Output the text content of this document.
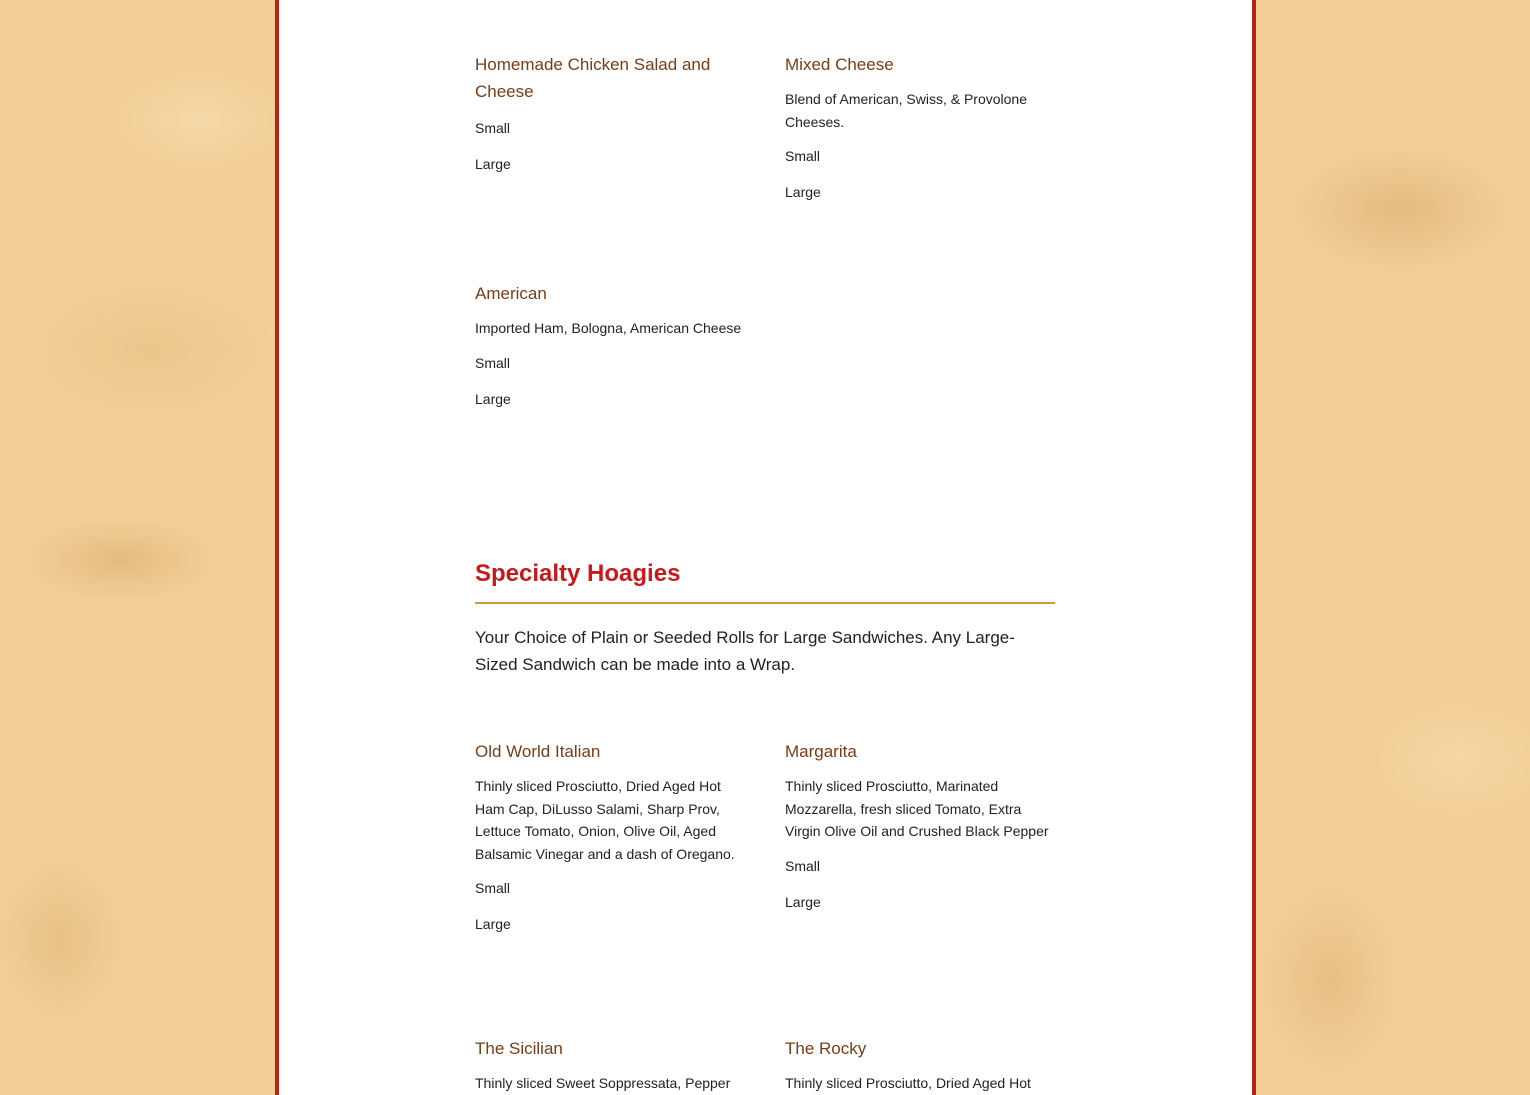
Homemade Chicken Salad and Cheese

Small

Large

Mixed Cheese

Blend of American, Swiss, & Provolone Cheeses.

Small

Large

American

Imported Ham, Bologna, American Cheese

Small

Large

Specialty Hoagies

Your Choice of Plain or Seeded Rolls for Large Sandwiches. Any Large-Sized Sandwich can be made into a Wrap.

Old World Italian

Thinly sliced Prosciutto, Dried Aged Hot Ham Cap, DiLusso Salami, Sharp Prov, Lettuce Tomato, Onion, Olive Oil, Aged Balsamic Vinegar and a dash of Oregano.

Small

Large

Margarita

Thinly sliced Prosciutto, Marinated Mozzarella, fresh sliced Tomato, Extra Virgin Olive Oil and Crushed Black Pepper

Small

Large

The Sicilian

Thinly sliced Sweet Soppressata, Pepper

The Rocky

Thinly sliced Prosciutto, Dried Aged Hot
